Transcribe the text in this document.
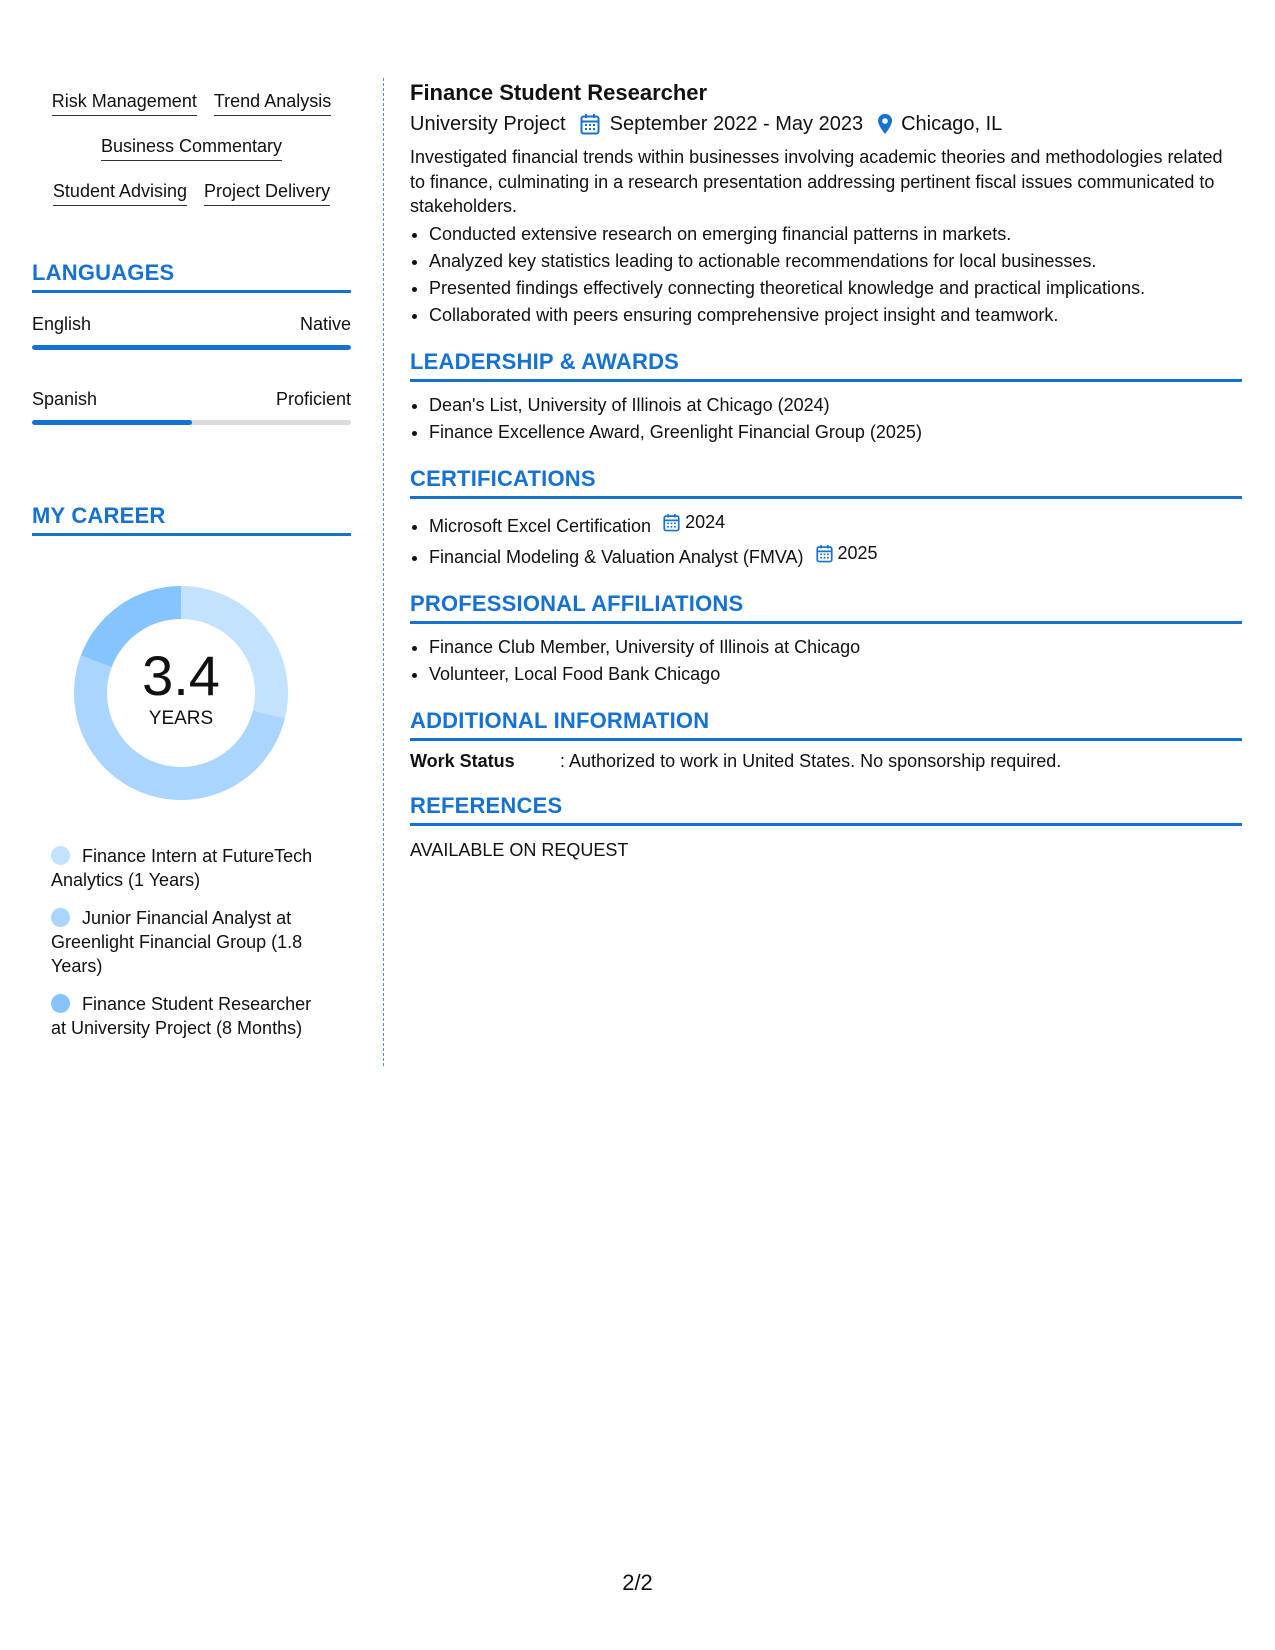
Risk Management Trend Analysis
Business Commentary
Student Advising Project Delivery
LANGUAGES
English	Native
Spanish	Proficient
MY CAREER
3.4
YEARS
Finance Intern at FutureTech Analytics (1 Years)
Junior Financial Analyst at Greenlight Financial Group (1.8 Years)
Finance Student Researcher at University Project (8 Months)
Finance Student Researcher
University Project September 2022 - May 2023 Chicago, IL
Investigated financial trends within businesses involving academic theories and methodologies related to finance, culminating in a research presentation addressing pertinent fiscal issues communicated to stakeholders.
• Conducted extensive research on emerging financial patterns in markets.
• Analyzed key statistics leading to actionable recommendations for local businesses.
• Presented findings effectively connecting theoretical knowledge and practical implications.
• Collaborated with peers ensuring comprehensive project insight and teamwork.
LEADERSHIP & AWARDS
• Dean's List, University of Illinois at Chicago (2024)
• Finance Excellence Award, Greenlight Financial Group (2025)
CERTIFICATIONS
• Microsoft Excel Certification 2024
• Financial Modeling & Valuation Analyst (FMVA) 2025
PROFESSIONAL AFFILIATIONS
• Finance Club Member, University of Illinois at Chicago
• Volunteer, Local Food Bank Chicago
ADDITIONAL INFORMATION
Work Status	: Authorized to work in United States. No sponsorship required.
REFERENCES
AVAILABLE ON REQUEST
2/2
